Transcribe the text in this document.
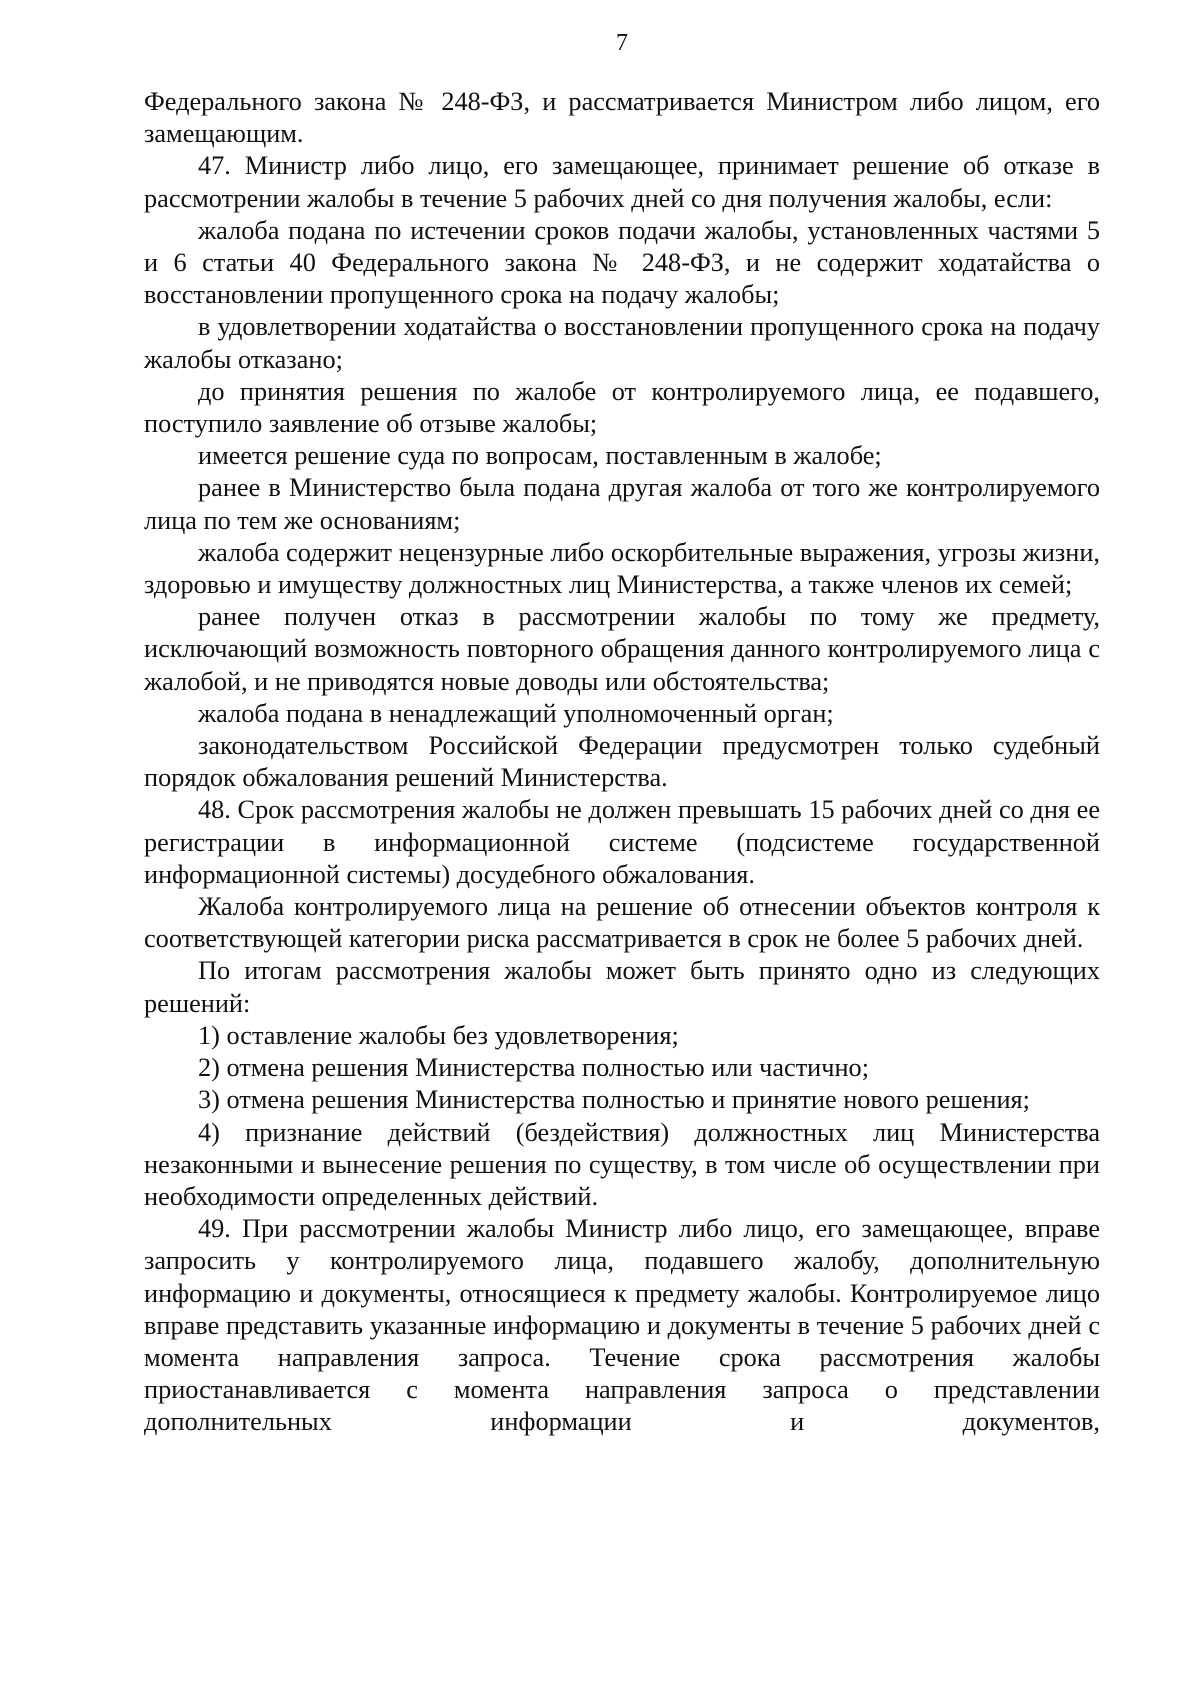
7

Федерального закона № 248-ФЗ, и рассматривается Министром либо лицом, его замещающим.

47. Министр либо лицо, его замещающее, принимает решение об отказе в рассмотрении жалобы в течение 5 рабочих дней со дня получения жалобы, если:

жалоба подана по истечении сроков подачи жалобы, установленных частями 5 и 6 статьи 40 Федерального закона № 248-ФЗ, и не содержит ходатайства о восстановлении пропущенного срока на подачу жалобы;

в удовлетворении ходатайства о восстановлении пропущенного срока на подачу жалобы отказано;

до принятия решения по жалобе от контролируемого лица, ее подавшего, поступило заявление об отзыве жалобы;

имеется решение суда по вопросам, поставленным в жалобе;

ранее в Министерство была подана другая жалоба от того же контролируемого лица по тем же основаниям;

жалоба содержит нецензурные либо оскорбительные выражения, угрозы жизни, здоровью и имуществу должностных лиц Министерства, а также членов их семей;

ранее получен отказ в рассмотрении жалобы по тому же предмету, исключающий возможность повторного обращения данного контролируемого лица с жалобой, и не приводятся новые доводы или обстоятельства;

жалоба подана в ненадлежащий уполномоченный орган;

законодательством Российской Федерации предусмотрен только судебный порядок обжалования решений Министерства.

48. Срок рассмотрения жалобы не должен превышать 15 рабочих дней со дня ее регистрации в информационной системе (подсистеме государственной информационной системы) досудебного обжалования.

Жалоба контролируемого лица на решение об отнесении объектов контроля к соответствующей категории риска рассматривается в срок не более 5 рабочих дней.

По итогам рассмотрения жалобы может быть принято одно из следующих решений:

1) оставление жалобы без удовлетворения;

2) отмена решения Министерства полностью или частично;

3) отмена решения Министерства полностью и принятие нового решения;

4) признание действий (бездействия) должностных лиц Министерства незаконными и вынесение решения по существу, в том числе об осуществлении при необходимости определенных действий.

49. При рассмотрении жалобы Министр либо лицо, его замещающее, вправе запросить у контролируемого лица, подавшего жалобу, дополнительную информацию и документы, относящиеся к предмету жалобы. Контролируемое лицо вправе представить указанные информацию и документы в течение 5 рабочих дней с момента направления запроса. Течение срока рассмотрения жалобы приостанавливается с момента направления запроса о представлении дополнительных информации и документов,
